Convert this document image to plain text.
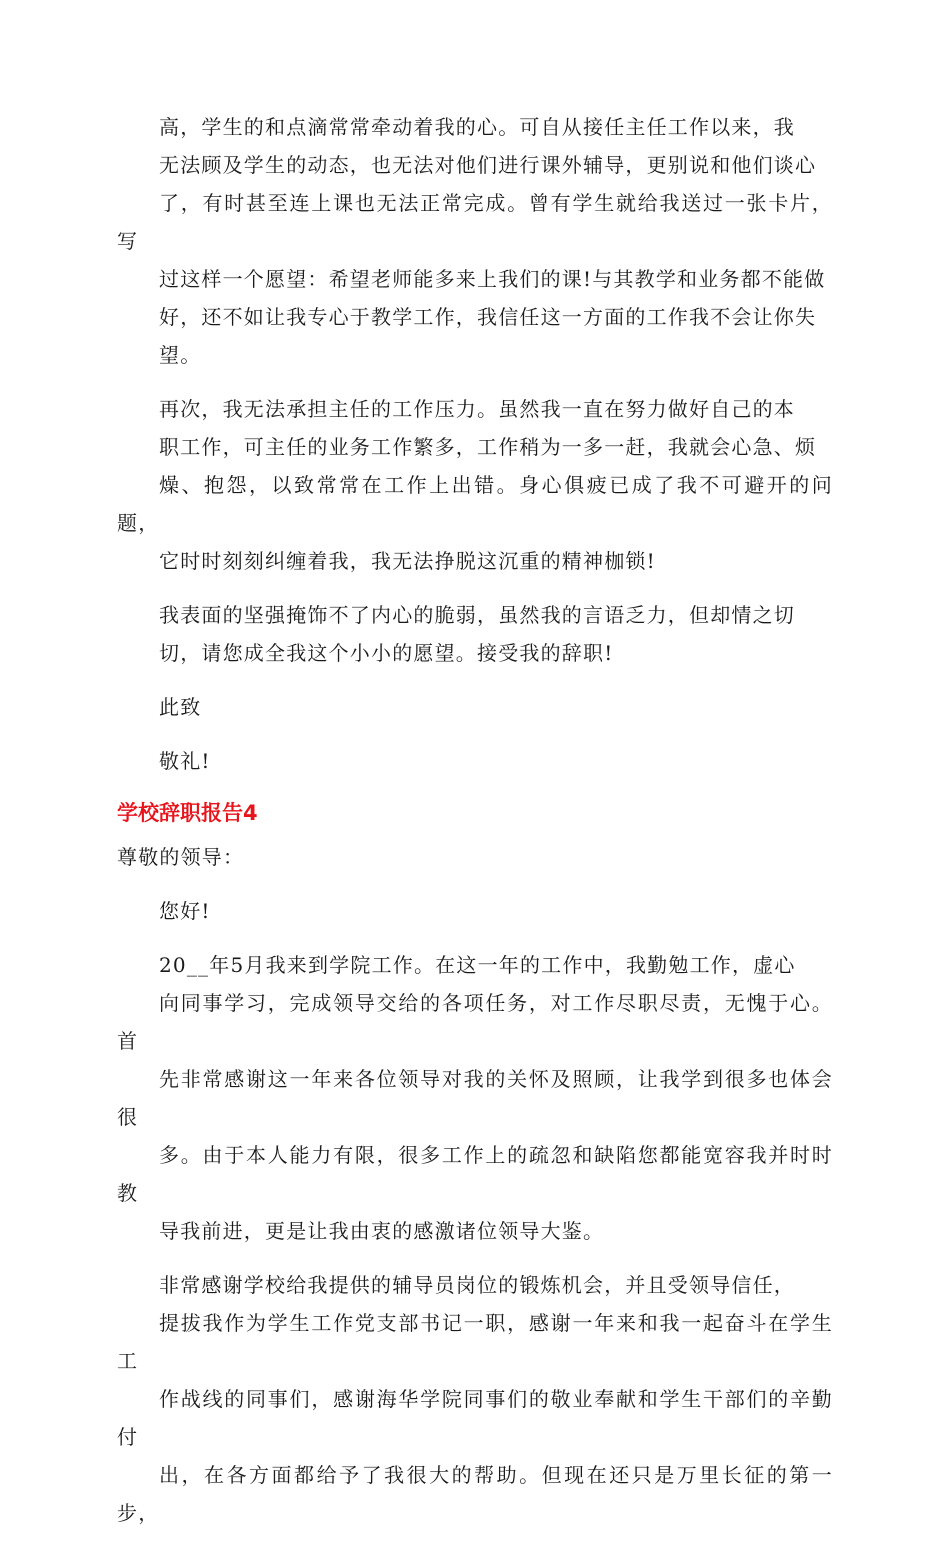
高，学生的和点滴常常牵动着我的心。可自从接任主任工作以来，我
无法顾及学生的动态，也无法对他们进行课外辅导，更别说和他们谈心
了，有时甚至连上课也无法正常完成。曾有学生就给我送过一张卡片，写
过这样一个愿望：希望老师能多来上我们的课!与其教学和业务都不能做
好，还不如让我专心于教学工作，我信任这一方面的工作我不会让你失
望。
再次，我无法承担主任的工作压力。虽然我一直在努力做好自己的本
职工作，可主任的业务工作繁多，工作稍为一多一赶，我就会心急、烦
燥、抱怨，以致常常在工作上出错。身心俱疲已成了我不可避开的问题，
它时时刻刻纠缠着我，我无法挣脱这沉重的精神枷锁!
我表面的坚强掩饰不了内心的脆弱，虽然我的言语乏力，但却情之切
切，请您成全我这个小小的愿望。接受我的辞职!
此致
敬礼!
学校辞职报告4
尊敬的领导：
您好!
20__年5月我来到学院工作。在这一年的工作中，我勤勉工作，虚心
向同事学习，完成领导交给的各项任务，对工作尽职尽责，无愧于心。首
先非常感谢这一年来各位领导对我的关怀及照顾，让我学到很多也体会很
多。由于本人能力有限，很多工作上的疏忽和缺陷您都能宽容我并时时教
导我前进，更是让我由衷的感激诸位领导大鉴。
非常感谢学校给我提供的辅导员岗位的锻炼机会，并且受领导信任，
提拔我作为学生工作党支部书记一职，感谢一年来和我一起奋斗在学生工
作战线的同事们，感谢海华学院同事们的敬业奉献和学生干部们的辛勤付
出，在各方面都给予了我很大的帮助。但现在还只是万里长征的第一步，
